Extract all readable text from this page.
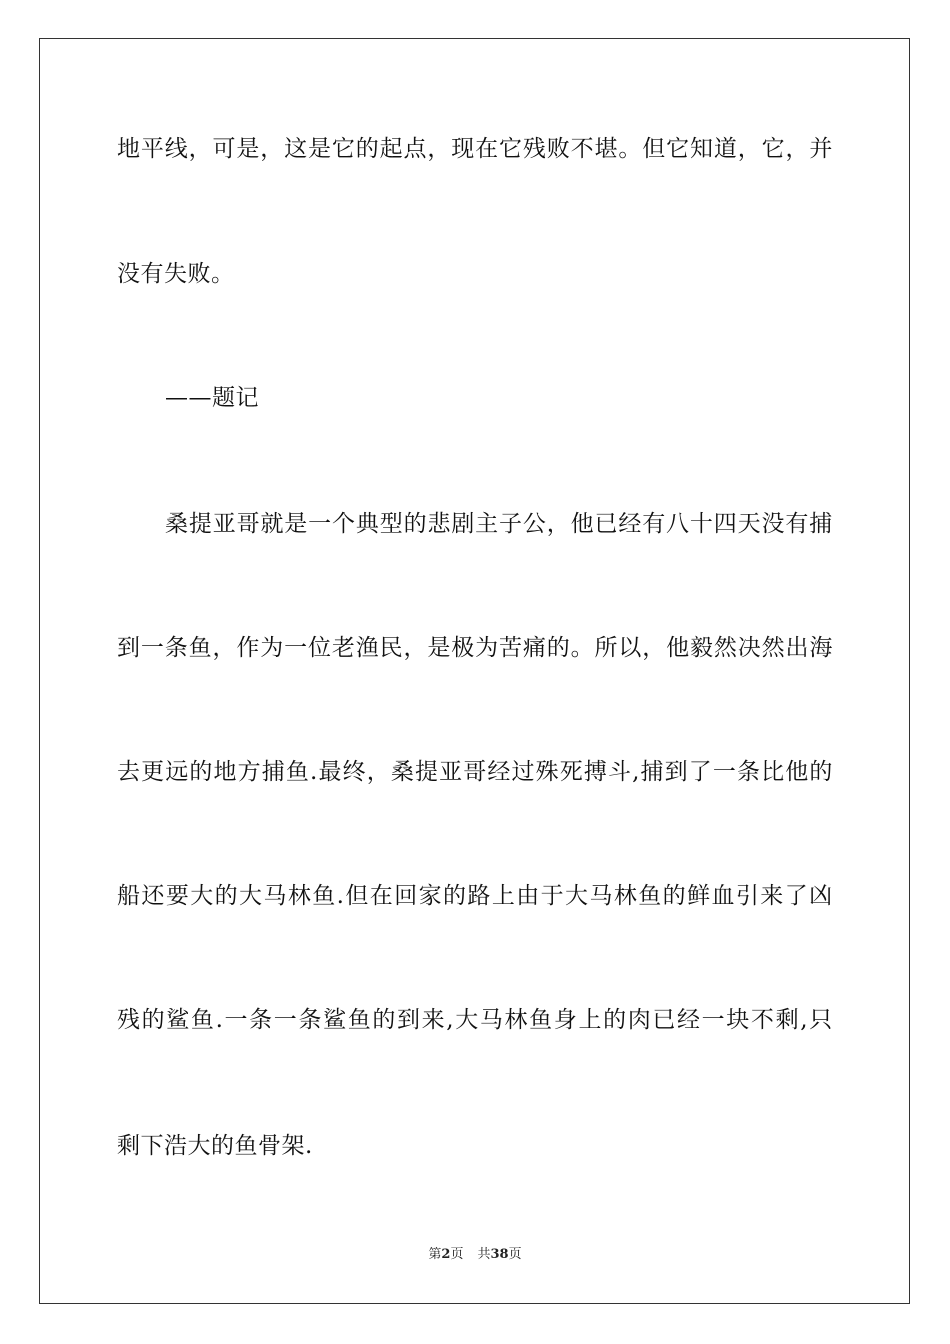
地 平 线 ， 可 是 ， 这 是 它 的 起 点 ， 现 在 它 残 败 不 堪 。 但 它 知 道 ， 它 ， 并
没有失败。
——题记
桑 提 亚 哥 就 是 一 个 典 型 的 悲 剧 主 子 公 ， 他 已 经 有 八 十 四 天 没 有 捕
到 一 条 鱼 ， 作 为 一 位 老 渔 民 ， 是 极 为 苦 痛 的 。 所 以 ， 他 毅 然 决 然 出 海
去 更 远 的 地 方 捕 鱼 . 最 终 ， 桑 提 亚 哥 经 过 殊 死 搏 斗 , 捕 到 了 一 条 比 他 的
船 还 要 大 的 大 马 林 鱼 . 但 在 回 家 的 路 上 由 于 大 马 林 鱼 的 鲜 血 引 来 了 凶
残 的 鲨 鱼 . 一 条 一 条 鲨 鱼 的 到 来 , 大 马 林 鱼 身 上 的 肉 已 经 一 块 不 剩 , 只
剩下浩大的鱼骨架.
第2页 共38页
